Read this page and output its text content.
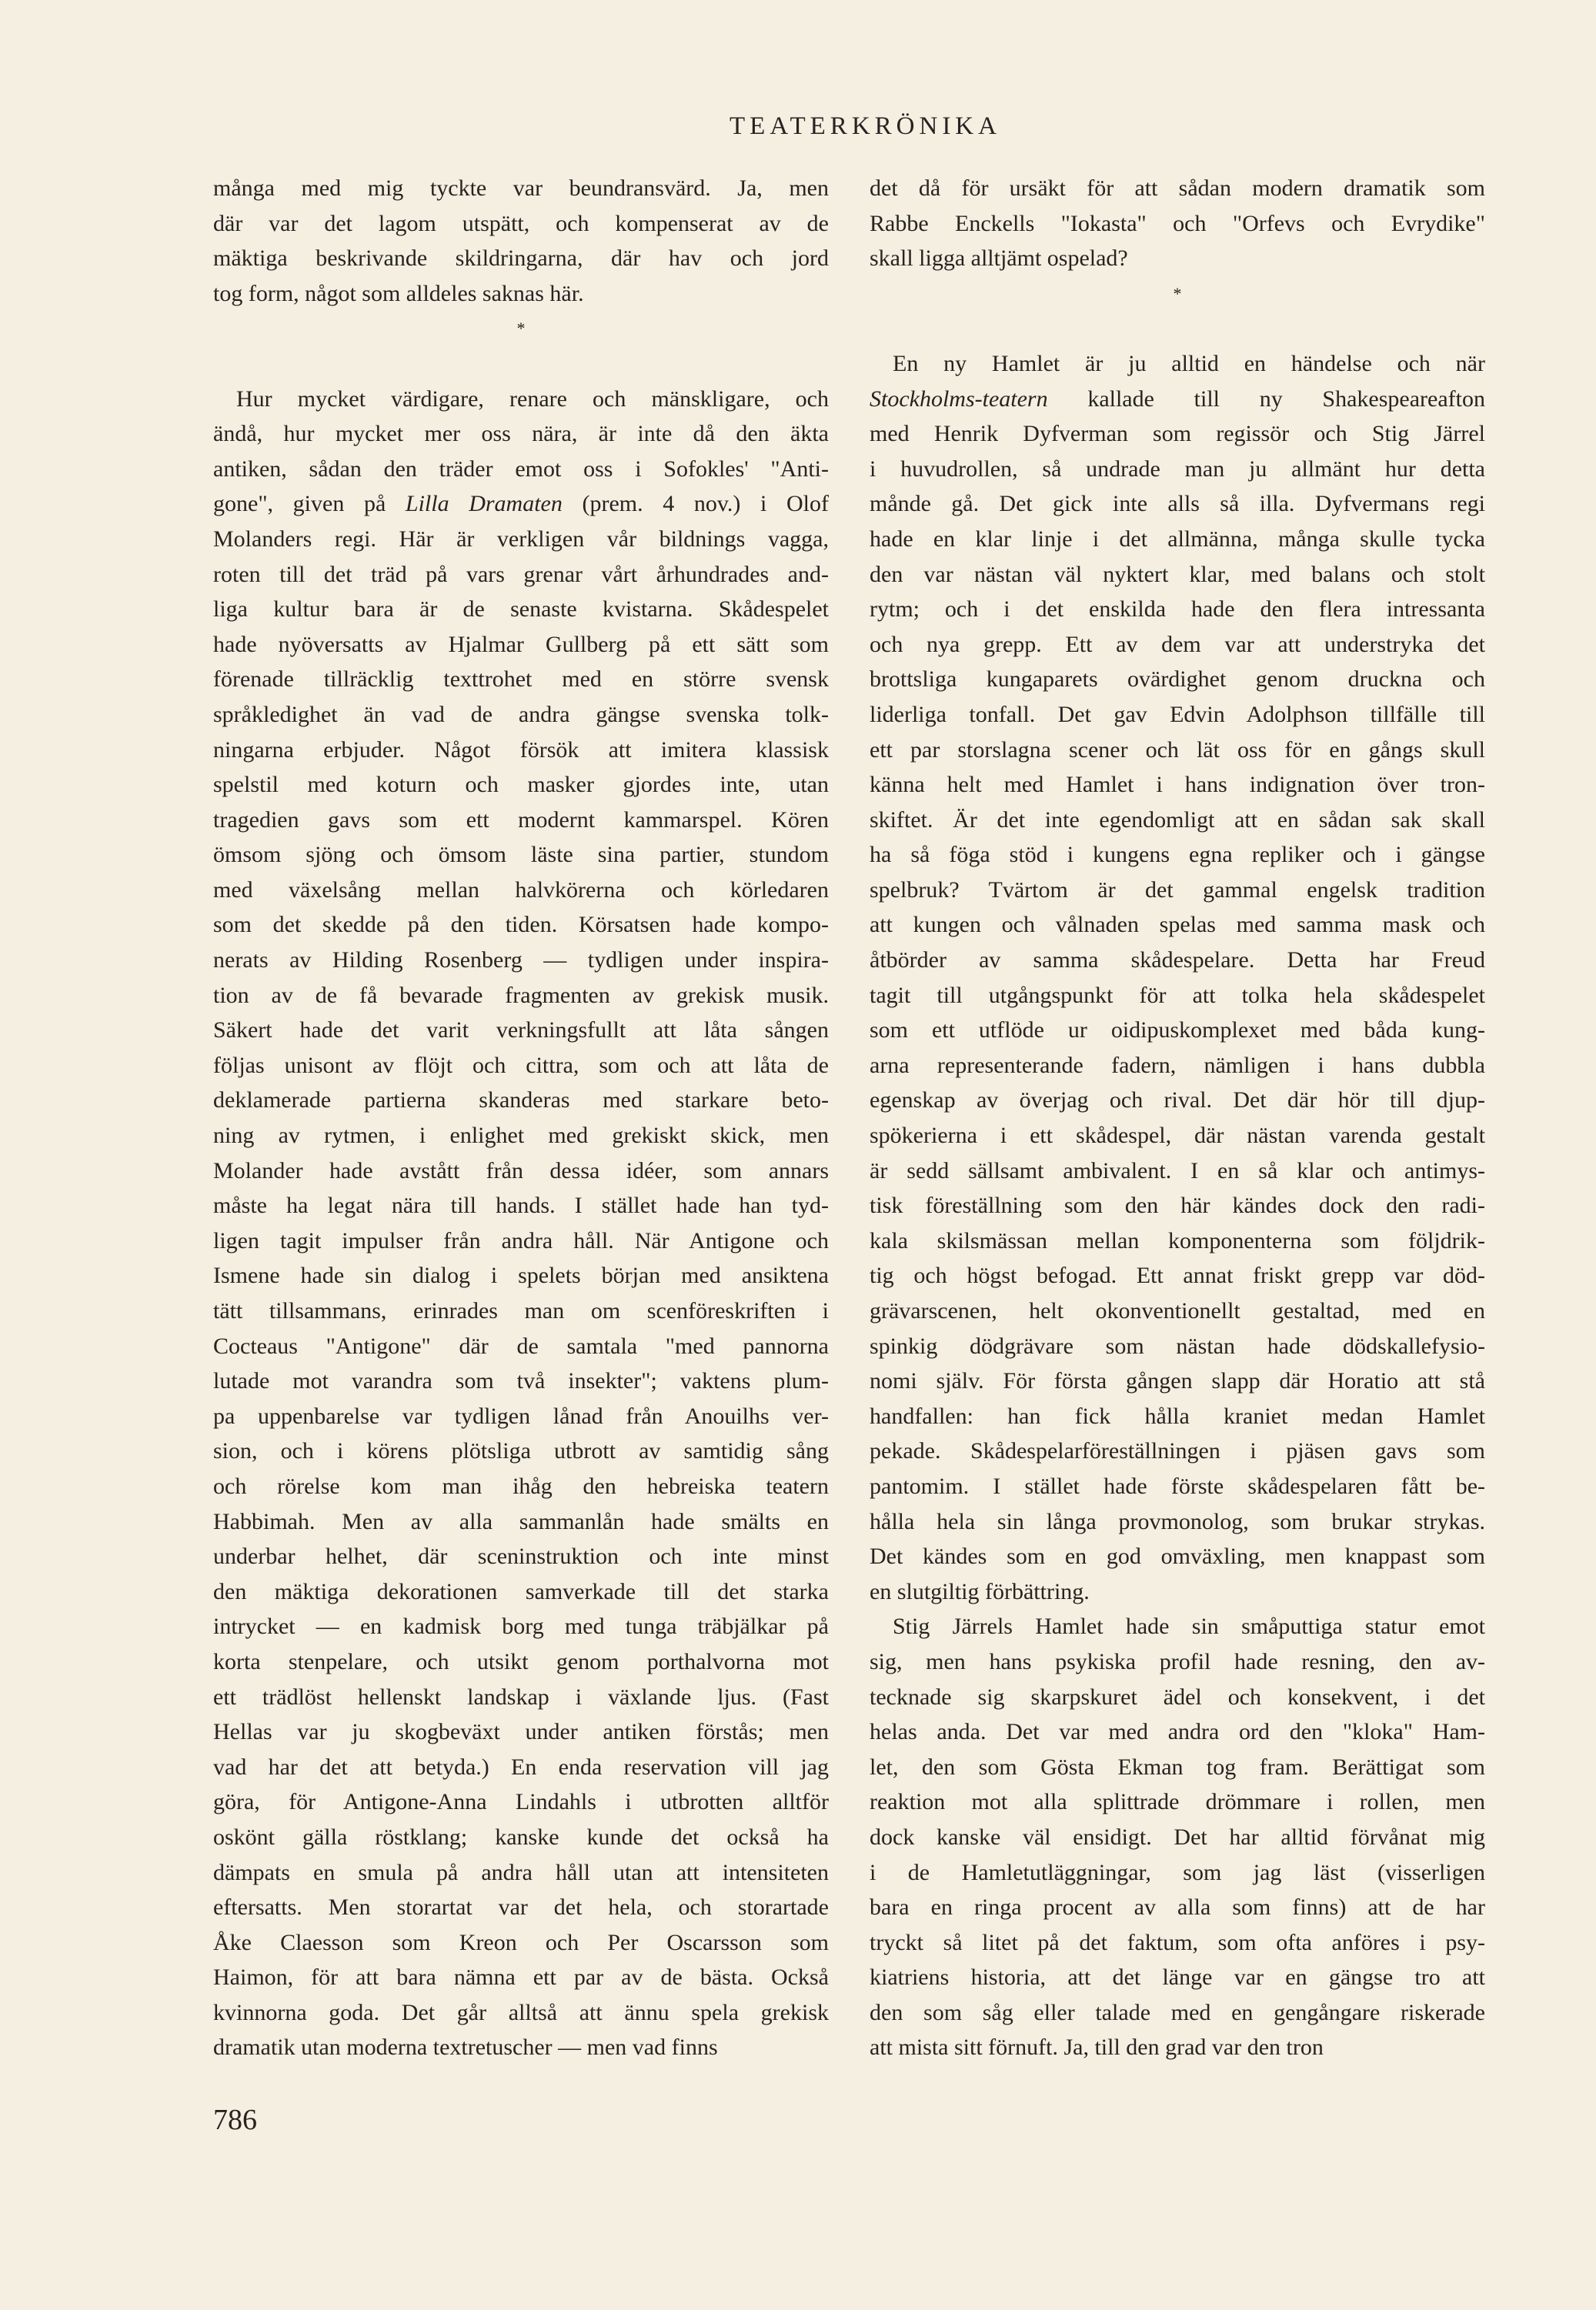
TEATERKRÖNIKA
många med mig tyckte var beundransvärd. Ja, men
där var det lagom utspätt, och kompenserat av de
mäktiga beskrivande skildringarna, där hav och jord
tog form, något som alldeles saknas här.
*
Hur mycket värdigare, renare och mänskligare, och
ändå, hur mycket mer oss nära, är inte då den äkta
antiken, sådan den träder emot oss i Sofokles' "Anti-
gone", given på Lilla Dramaten (prem. 4 nov.) i Olof
Molanders regi. Här är verkligen vår bildnings vagga,
roten till det träd på vars grenar vårt århundrades and-
liga kultur bara är de senaste kvistarna. Skådespelet
hade nyöversatts av Hjalmar Gullberg på ett sätt som
förenade tillräcklig texttrohet med en större svensk
språkledighet än vad de andra gängse svenska tolk-
ningarna erbjuder. Något försök att imitera klassisk
spelstil med koturn och masker gjordes inte, utan
tragedien gavs som ett modernt kammarspel. Kören
ömsom sjöng och ömsom läste sina partier, stundom
med växelsång mellan halvkörerna och körledaren
som det skedde på den tiden. Körsatsen hade kompo-
nerats av Hilding Rosenberg — tydligen under inspira-
tion av de få bevarade fragmenten av grekisk musik.
Säkert hade det varit verkningsfullt att låta sången
följas unisont av flöjt och cittra, som och att låta de
deklamerade partierna skanderas med starkare beto-
ning av rytmen, i enlighet med grekiskt skick, men
Molander hade avstått från dessa idéer, som annars
måste ha legat nära till hands. I stället hade han tyd-
ligen tagit impulser från andra håll. När Antigone och
Ismene hade sin dialog i spelets början med ansiktena
tätt tillsammans, erinrades man om scenföreskriften i
Cocteaus "Antigone" där de samtala "med pannorna
lutade mot varandra som två insekter"; vaktens plum-
pa uppenbarelse var tydligen lånad från Anouilhs ver-
sion, och i körens plötsliga utbrott av samtidig sång
och rörelse kom man ihåg den hebreiska teatern
Habbimah. Men av alla sammanlån hade smälts en
underbar helhet, där sceninstruktion och inte minst
den mäktiga dekorationen samverkade till det starka
intrycket — en kadmisk borg med tunga träbjälkar på
korta stenpelare, och utsikt genom porthalvorna mot
ett trädlöst hellenskt landskap i växlande ljus. (Fast
Hellas var ju skogbeväxt under antiken förstås; men
vad har det att betyda.) En enda reservation vill jag
göra, för Antigone-Anna Lindahls i utbrotten alltför
oskönt gälla röstklang; kanske kunde det också ha
dämpats en smula på andra håll utan att intensiteten
eftersatts. Men storartat var det hela, och storartade
Åke Claesson som Kreon och Per Oscarsson som
Haimon, för att bara nämna ett par av de bästa. Också
kvinnorna goda. Det går alltså att ännu spela grekisk
dramatik utan moderna textretuscher — men vad finns
det då för ursäkt för att sådan modern dramatik som
Rabbe Enckells "Iokasta" och "Orfevs och Evrydike"
skall ligga alltjämt ospelad?
*
En ny Hamlet är ju alltid en händelse och när
Stockholms-teatern kallade till ny Shakespeareafton
med Henrik Dyfverman som regissör och Stig Järrel
i huvudrollen, så undrade man ju allmänt hur detta
månde gå. Det gick inte alls så illa. Dyfvermans regi
hade en klar linje i det allmänna, många skulle tycka
den var nästan väl nyktert klar, med balans och stolt
rytm; och i det enskilda hade den flera intressanta
och nya grepp. Ett av dem var att understryka det
brottsliga kungaparets ovärdighet genom druckna och
liderliga tonfall. Det gav Edvin Adolphson tillfälle till
ett par storslagna scener och lät oss för en gångs skull
känna helt med Hamlet i hans indignation över tron-
skiftet. Är det inte egendomligt att en sådan sak skall
ha så föga stöd i kungens egna repliker och i gängse
spelbruk? Tvärtom är det gammal engelsk tradition
att kungen och vålnaden spelas med samma mask och
åtbörder av samma skådespelare. Detta har Freud
tagit till utgångspunkt för att tolka hela skådespelet
som ett utflöde ur oidipuskomplexet med båda kung-
arna representerande fadern, nämligen i hans dubbla
egenskap av överjag och rival. Det där hör till djup-
spökerierna i ett skådespel, där nästan varenda gestalt
är sedd sällsamt ambivalent. I en så klar och antimys-
tisk föreställning som den här kändes dock den radi-
kala skilsmässan mellan komponenterna som följdrik-
tig och högst befogad. Ett annat friskt grepp var död-
grävarscenen, helt okonventionellt gestaltad, med en
spinkig dödgrävare som nästan hade dödskallefysio-
nomi själv. För första gången slapp där Horatio att stå
handfallen: han fick hålla kraniet medan Hamlet
pekade. Skådespelarföreställningen i pjäsen gavs som
pantomim. I stället hade förste skådespelaren fått be-
hålla hela sin långa provmonolog, som brukar strykas.
Det kändes som en god omväxling, men knappast som
en slutgiltig förbättring.
Stig Järrels Hamlet hade sin småputtiga statur emot
sig, men hans psykiska profil hade resning, den av-
tecknade sig skarpskuret ädel och konsekvent, i det
helas anda. Det var med andra ord den "kloka" Ham-
let, den som Gösta Ekman tog fram. Berättigat som
reaktion mot alla splittrade drömmare i rollen, men
dock kanske väl ensidigt. Det har alltid förvånat mig
i de Hamletutläggningar, som jag läst (visserligen
bara en ringa procent av alla som finns) att de har
tryckt så litet på det faktum, som ofta anföres i psy-
kiatriens historia, att det länge var en gängse tro att
den som såg eller talade med en gengångare riskerade
att mista sitt förnuft. Ja, till den grad var den tron
786
